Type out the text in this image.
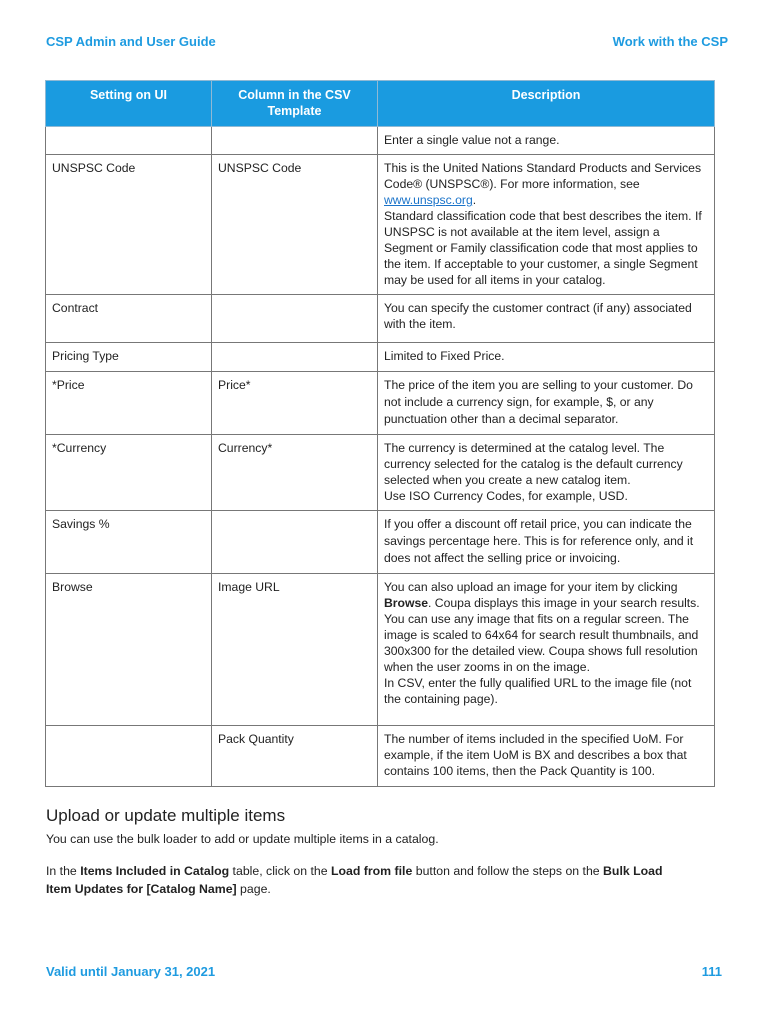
CSP Admin and User Guide	Work with the CSP
Setting on UI	Column in the CSV Template	Description
		Enter a single value not a range.
UNSPSC Code	UNSPSC Code	This is the United Nations Standard Products and Services Code® (UNSPSC®). For more information, see www.unspsc.org.
Standard classification code that best describes the item. If UNSPSC is not available at the item level, assign a Segment or Family classification code that most applies to the item. If acceptable to your customer, a single Segment may be used for all items in your catalog.

Contract		You can specify the customer contract (if any) associated with the item.
Pricing Type		Limited to Fixed Price.
*Price	Price*	The price of the item you are selling to your customer. Do not include a currency sign, for example, $, or any punctuation other than a decimal separator.
*Currency	Currency*	The currency is determined at the catalog level. The currency selected for the catalog is the default currency selected when you create a new catalog item.
Use ISO Currency Codes, for example, USD.

Savings %		If you offer a discount off retail price, you can indicate the savings percentage here. This is for reference only, and it does not affect the selling price or invoicing.
Browse	Image URL	You can also upload an image for your item by clicking Browse. Coupa displays this image in your search results. You can use any image that fits on a regular screen. The image is scaled to 64x64 for search result thumbnails, and 300x300 for the detailed view. Coupa shows full resolution when the user zooms in on the image.
In CSV, enter the fully qualified URL to the image file (not the containing page).

	Pack Quantity	The number of items included in the specified UoM. For example, if the item UoM is BX and describes a box that contains 100 items, then the Pack Quantity is 100.
Upload or update multiple items

You can use the bulk loader to add or update multiple items in a catalog.

In the Items Included in Catalog table, click on the Load from file button and follow the steps on the Bulk Load Item Updates for [Catalog Name] page.

Valid until January 31, 2021	111
